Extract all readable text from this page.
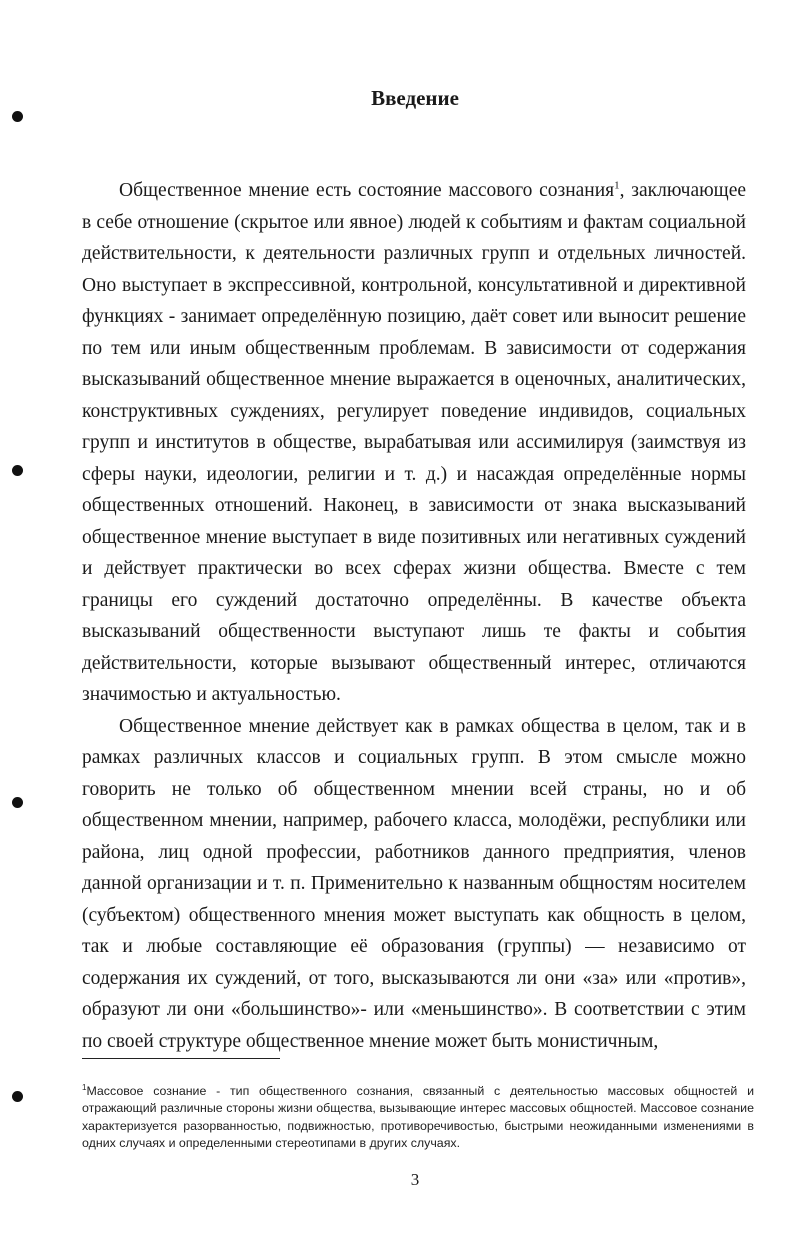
Введение

Общественное мнение есть состояние массового сознания$^1$, заключающее в себе отношение (скрытое или явное) людей к событиям и фактам социальной действительности, к деятельности различных групп и отдельных личностей. Оно выступает в экспрессивной, контрольной, консультативной и директивной функциях - занимает определённую позицию, даёт совет или выносит решение по тем или иным общественным проблемам. В зависимости от содержания высказываний общественное мнение выражается в оценочных, аналитических, конструктивных суждениях, регулирует поведение индивидов, социальных групп и институтов в обществе, вырабатывая или ассимилируя (заимствуя из сферы науки, идеологии, религии и т. д.) и насаждая определённые нормы общественных отношений. Наконец, в зависимости от знака высказываний общественное мнение выступает в виде позитивных или негативных суждений и действует практически во всех сферах жизни общества. Вместе с тем границы его суждений достаточно определённы. В качестве объекта высказываний общественности выступают лишь те факты и события действительности, которые вызывают общественный интерес, отличаются значимостью и актуальностью.

Общественное мнение действует как в рамках общества в целом, так и в рамках различных классов и социальных групп. В этом смысле можно говорить не только об общественном мнении всей страны, но и об общественном мнении, например, рабочего класса, молодёжи, республики или района, лиц одной профессии, работников данного предприятия, членов данной организации и т. п. Применительно к названным общностям носителем (субъектом) общественного мнения может выступать как общность в целом, так и любые составляющие её образования (группы) — независимо от содержания их суждений, от того, высказываются ли они «за» или «против», образуют ли они «большинство»- или «меньшинство». В соответствии с этим по своей структуре общественное мнение может быть монистичным,

$^1$Массовое сознание - тип общественного сознания, связанный с деятельностью массовых общностей и отражающий различные стороны жизни общества, вызывающие интерес массовых общностей. Массовое сознание характеризуется разорванностью, подвижностью, противоречивостью, быстрыми неожиданными изменениями в одних случаях и определенными стереотипами в других случаях.

3
